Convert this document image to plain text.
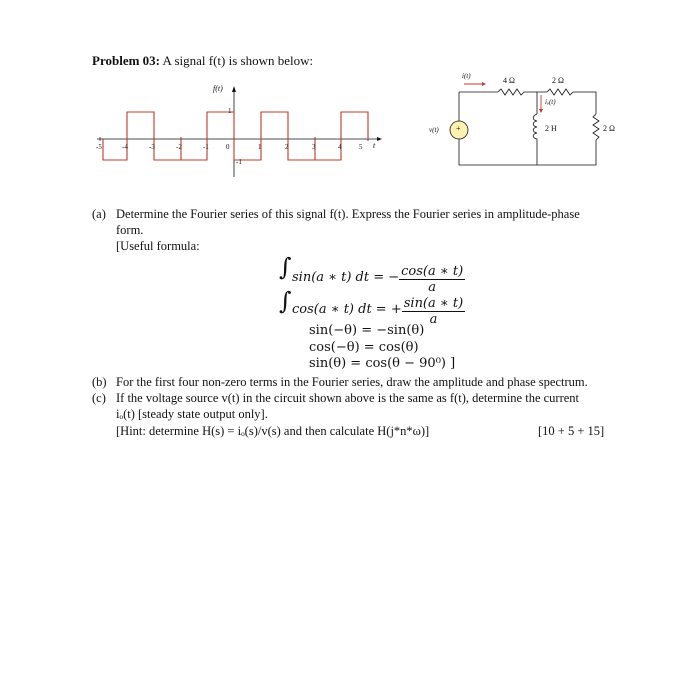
Problem 03: A signal f(t) is shown below:
f(t)
1
-1
t
-5	-4	-3	-2	-1 0	1	2	3	4	5
i(t)	4 Ω	2 Ω
iₒ(t)
v(t) +	2 H	2 Ω
(a) Determine the Fourier series of this signal f(t). Express the Fourier series in amplitude-phase
form.
[Useful formula:
∫ sin(a ∗ t) dt = − $\frac{\cos(a ∗ t)}{a}$
∫ cos(a ∗ t) dt = + $\frac{\sin(a ∗ t)}{a}$
sin(−θ) = −sin(θ)
cos(−θ) = cos(θ)
sin(θ) = cos(θ − 90⁰) ]
(b) For the first four non-zero terms in the Fourier series, draw the amplitude and phase spectrum.
(c) If the voltage source v(t) in the circuit shown above is the same as f(t), determine the current
iₒ(t) [steady state output only].
[Hint: determine H(s) = iₒ(s)/v(s) and then calculate H(j*n*ω)]	[10 + 5 + 15]
